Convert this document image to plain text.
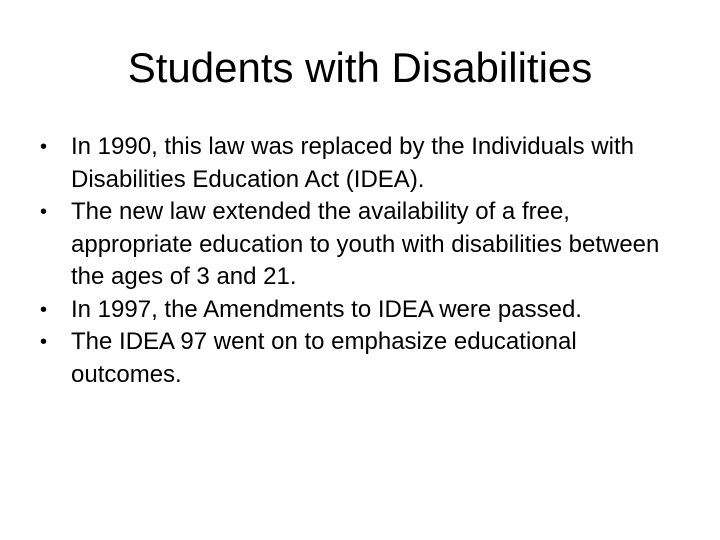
Students with Disabilities
• In 1990, this law was replaced by the Individuals with Disabilities Education Act (IDEA).
• The new law extended the availability of a free, appropriate education to youth with disabilities between the ages of 3 and 21.
• In 1997, the Amendments to IDEA were passed.
• The IDEA 97 went on to emphasize educational outcomes.
